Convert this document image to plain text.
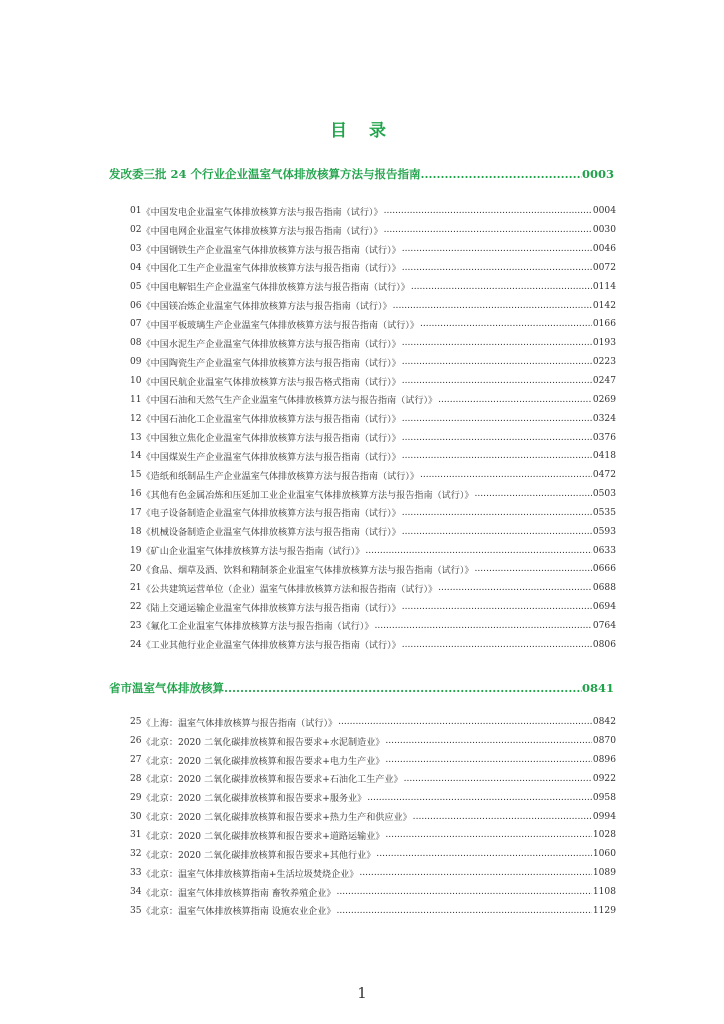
目 录
发改委三批 24 个行业企业温室气体排放核算方法与报告指南 .....	0003
01 《中国发电企业温室气体排放核算方法与报告指南（试行）》 .....	0004
02 《中国电网企业温室气体排放核算方法与报告指南（试行）》 .....	0030
03 《中国钢铁生产企业温室气体排放核算方法与报告指南（试行）》 .....	0046
04 《中国化工生产企业温室气体排放核算方法与报告指南（试行）》 .....	0072
05 《中国电解铝生产企业温室气体排放核算方法与报告指南（试行）》 .....	0114
06 《中国镁冶炼企业温室气体排放核算方法与报告指南（试行）》 .....	0142
07 《中国平板玻璃生产企业温室气体排放核算方法与报告指南（试行）》 .....	0166
08 《中国水泥生产企业温室气体排放核算方法与报告指南（试行）》 .....	0193
09 《中国陶瓷生产企业温室气体排放核算方法与报告指南（试行）》 .....	0223
10 《中国民航企业温室气体排放核算方法与报告格式指南（试行）》 .....	0247
11 《中国石油和天然气生产企业温室气体排放核算方法与报告指南（试行）》 .....	0269
12 《中国石油化工企业温室气体排放核算方法与报告指南（试行）》 .....	0324
13 《中国独立焦化企业温室气体排放核算方法与报告指南（试行）》 .....	0376
14 《中国煤炭生产企业温室气体排放核算方法与报告指南（试行）》 .....	0418
15 《造纸和纸制品生产企业温室气体排放核算方法与报告指南（试行）》 .....	0472
16 《其他有色金属冶炼和压延加工业企业温室气体排放核算方法与报告指南（试行）》 .....	0503
17 《电子设备制造企业温室气体排放核算方法与报告指南（试行）》 .....	0535
18 《机械设备制造企业温室气体排放核算方法与报告指南（试行）》 .....	0593
19 《矿山企业温室气体排放核算方法与报告指南（试行）》 .....	0633
20 《食品、烟草及酒、饮料和精制茶企业温室气体排放核算方法与报告指南（试行）》 .....	0666
21 《公共建筑运营单位（企业）温室气体排放核算方法和报告指南（试行）》 .....	0688
22 《陆上交通运输企业温室气体排放核算方法与报告指南（试行）》 .....	0694
23 《氟化工企业温室气体排放核算方法与报告指南（试行）》 .....	0764
24 《工业其他行业企业温室气体排放核算方法与报告指南（试行）》 .....	0806
省市温室气体排放核算 .....	0841
25 《上海：温室气体排放核算与报告指南（试行）》 .....	0842
26 《北京：2020 二氧化碳排放核算和报告要求+水泥制造业》 .....	0870
27 《北京：2020 二氧化碳排放核算和报告要求+电力生产业》 .....	0896
28 《北京：2020 二氧化碳排放核算和报告要求+石油化工生产业》 .....	0922
29 《北京：2020 二氧化碳排放核算和报告要求+服务业》 .....	0958
30 《北京：2020 二氧化碳排放核算和报告要求+热力生产和供应业》 .....	0994
31 《北京：2020 二氧化碳排放核算和报告要求+道路运输业》 .....	1028
32 《北京：2020 二氧化碳排放核算和报告要求+其他行业》 .....	1060
33 《北京：温室气体排放核算指南+生活垃圾焚烧企业》 .....	1089
34 《北京：温室气体排放核算指南 畜牧养殖企业》 .....	1108
35 《北京：温室气体排放核算指南 设施农业企业》 .....	1129
1
